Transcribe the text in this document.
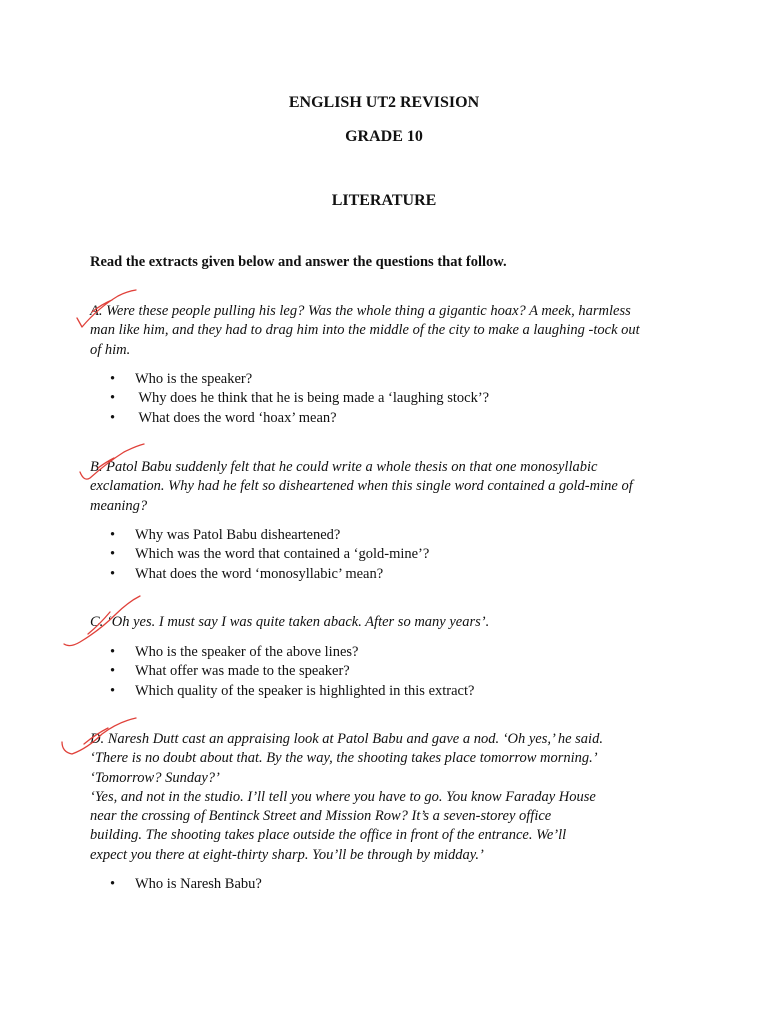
ENGLISH UT2 REVISION
GRADE 10
LITERATURE

Read the extracts given below and answer the questions that follow.

A. Were these people pulling his leg? Was the whole thing a gigantic hoax? A meek, harmless
man like him, and they had to drag him into the middle of the city to make a laughing -tock out
of him.

• Who is the speaker?
• Why does he think that he is being made a ‘laughing stock’?
• What does the word ‘hoax’ mean?

B. Patol Babu suddenly felt that he could write a whole thesis on that one monosyllabic
exclamation. Why had he felt so disheartened when this single word contained a gold-mine of
meaning?

• Why was Patol Babu disheartened?
• Which was the word that contained a ‘gold-mine’?
• What does the word ‘monosyllabic’ mean?

C. ‘Oh yes. I must say I was quite taken aback. After so many years’.

• Who is the speaker of the above lines?
• What offer was made to the speaker?
• Which quality of the speaker is highlighted in this extract?

D. Naresh Dutt cast an appraising look at Patol Babu and gave a nod. ‘Oh yes,’ he said.
‘There is no doubt about that. By the way, the shooting takes place tomorrow morning.’
‘Tomorrow? Sunday?’
‘Yes, and not in the studio. I’ll tell you where you have to go. You know Faraday House
near the crossing of Bentinck Street and Mission Row? It’s a seven-storey office
building. The shooting takes place outside the office in front of the entrance. We’ll
expect you there at eight-thirty sharp. You’ll be through by midday.’

• Who is Naresh Babu?
